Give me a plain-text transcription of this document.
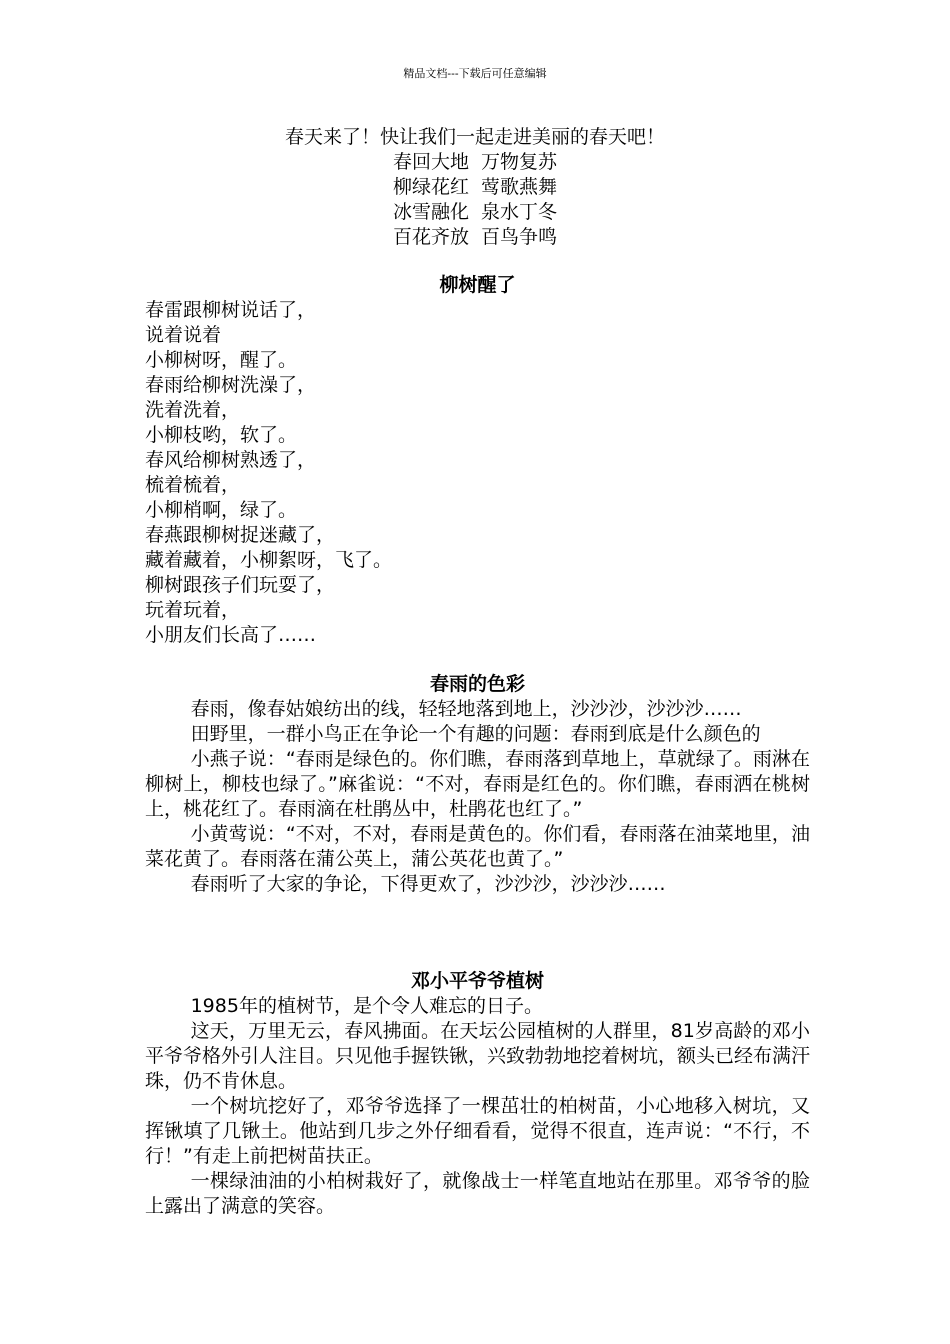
精品文档---下载后可任意编辑
春天来了！快让我们一起走进美丽的春天吧！
春回大地  万物复苏
柳绿花红  莺歌燕舞
冰雪融化  泉水丁冬
百花齐放  百鸟争鸣
柳树醒了
春雷跟柳树说话了，
说着说着
小柳树呀，醒了。
春雨给柳树洗澡了，
洗着洗着，
小柳枝哟，软了。
春风给柳树熟透了，
梳着梳着，
小柳梢啊，绿了。
春燕跟柳树捉迷藏了，
藏着藏着，小柳絮呀，飞了。
柳树跟孩子们玩耍了，
玩着玩着，
小朋友们长高了……
春雨的色彩

春雨，像春姑娘纺出的线，轻轻地落到地上，沙沙沙，沙沙沙……

田野里，一群小鸟正在争论一个有趣的问题：春雨到底是什么颜色的

小燕子说：“春雨是绿色的。你们瞧，春雨落到草地上，草就绿了。雨淋在柳树上，柳枝也绿了。”麻雀说：“不对，春雨是红色的。你们瞧，春雨洒在桃树上，桃花红了。春雨滴在杜鹃丛中，杜鹃花也红了。”

小黄莺说：“不对，不对，春雨是黄色的。你们看，春雨落在油菜地里，油菜花黄了。春雨落在蒲公英上，蒲公英花也黄了。”

春雨听了大家的争论，下得更欢了，沙沙沙，沙沙沙……

邓小平爷爷植树

1985年的植树节，是个令人难忘的日子。

这天，万里无云，春风拂面。在天坛公园植树的人群里，81岁高龄的邓小平爷爷格外引人注目。只见他手握铁锹，兴致勃勃地挖着树坑，额头已经布满汗珠，仍不肯休息。

一个树坑挖好了，邓爷爷选择了一棵茁壮的柏树苗，小心地移入树坑，又挥锹填了几锹土。他站到几步之外仔细看看，觉得不很直，连声说：“不行，不行！”有走上前把树苗扶正。

一棵绿油油的小柏树栽好了，就像战士一样笔直地站在那里。邓爷爷的脸上露出了满意的笑容。
